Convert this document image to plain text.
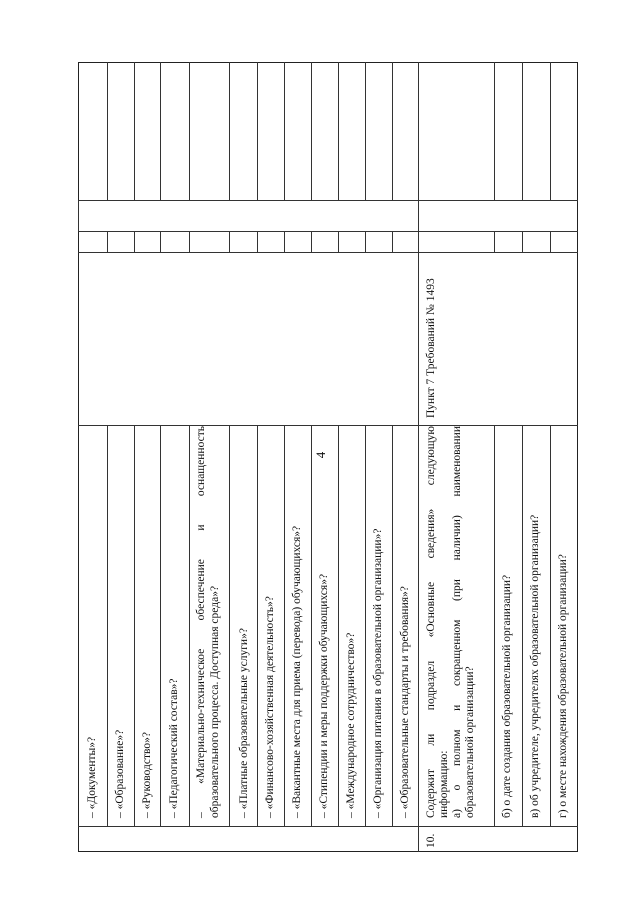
4
– «Документы»? – «Образование»? – «Руководство»? – «Педагогический состав»? – «Материально-техническое обеспечение и оснащенность образовательного процесса. Доступная среда»? – «Платные образовательные услуги»? – «Финансово-хозяйственная деятельность»? – «Вакантные места для приема (перевода) обучающихся»? – «Стипендии и меры поддержки обучающихся»? – «Международное сотрудничество»? – «Организация питания в образовательной организации»? – «Образовательные стандарты и требования»?
10.
Содержит ли подраздел «Основные сведения» следующую информацию: а) о полном и сокращенном (при наличии) наименовании образовательной организации?
Пункт 7 Требований № 1493
б) о дате создания образовательной организации? в) об учредителе, учредителях образовательной организации? г) о месте нахождения образовательной организации?
